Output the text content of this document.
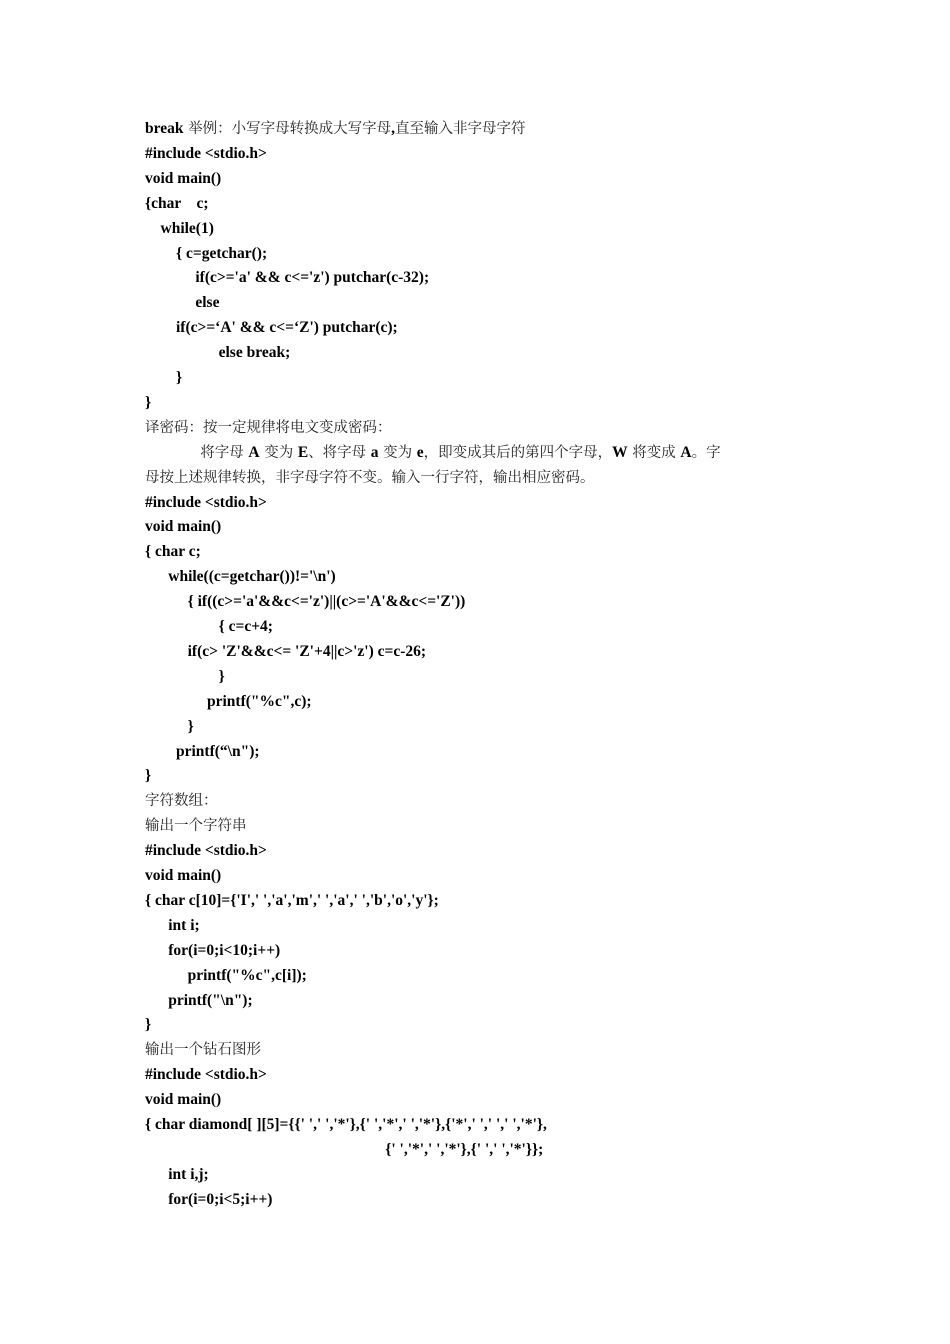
break 举例：小写字母转换成大写字母,直至输入非字母字符
#include <stdio.h>
void main()
{char    c;
while(1)
{ c=getchar();
if(c>='a' && c<='z') putchar(c-32);
else
if(c>=‘A' && c<=‘Z') putchar(c);
else break;
}
}
译密码：按一定规律将电文变成密码：
将字母 A 变为 E、将字母 a 变为 e，即变成其后的第四个字母，W 将变成 A。字
母按上述规律转换，非字母字符不变。输入一行字符，输出相应密码。
#include <stdio.h>
void main()
{ char c;
while((c=getchar())!='\n')
{ if((c>='a'&&c<='z')||(c>='A'&&c<='Z'))
{ c=c+4;
if(c> 'Z'&&c<= 'Z'+4||c>'z') c=c-26;
}
printf("%c",c);
}
printf(“\n");
}
字符数组：
输出一个字符串
#include <stdio.h>
void main()
{ char c[10]={'I',' ','a','m',' ','a',' ','b','o','y'};
int i;
for(i=0;i<10;i++)
printf("%c",c[i]);
printf("\n");
}
输出一个钻石图形
#include <stdio.h>
void main()
{ char diamond[ ][5]={{' ',' ','*'},{' ','*',' ','*'},{'*',' ',' ',' ','*'},
{' ','*',' ','*'},{' ',' ','*'}};
int i,j;
for(i=0;i<5;i++)
